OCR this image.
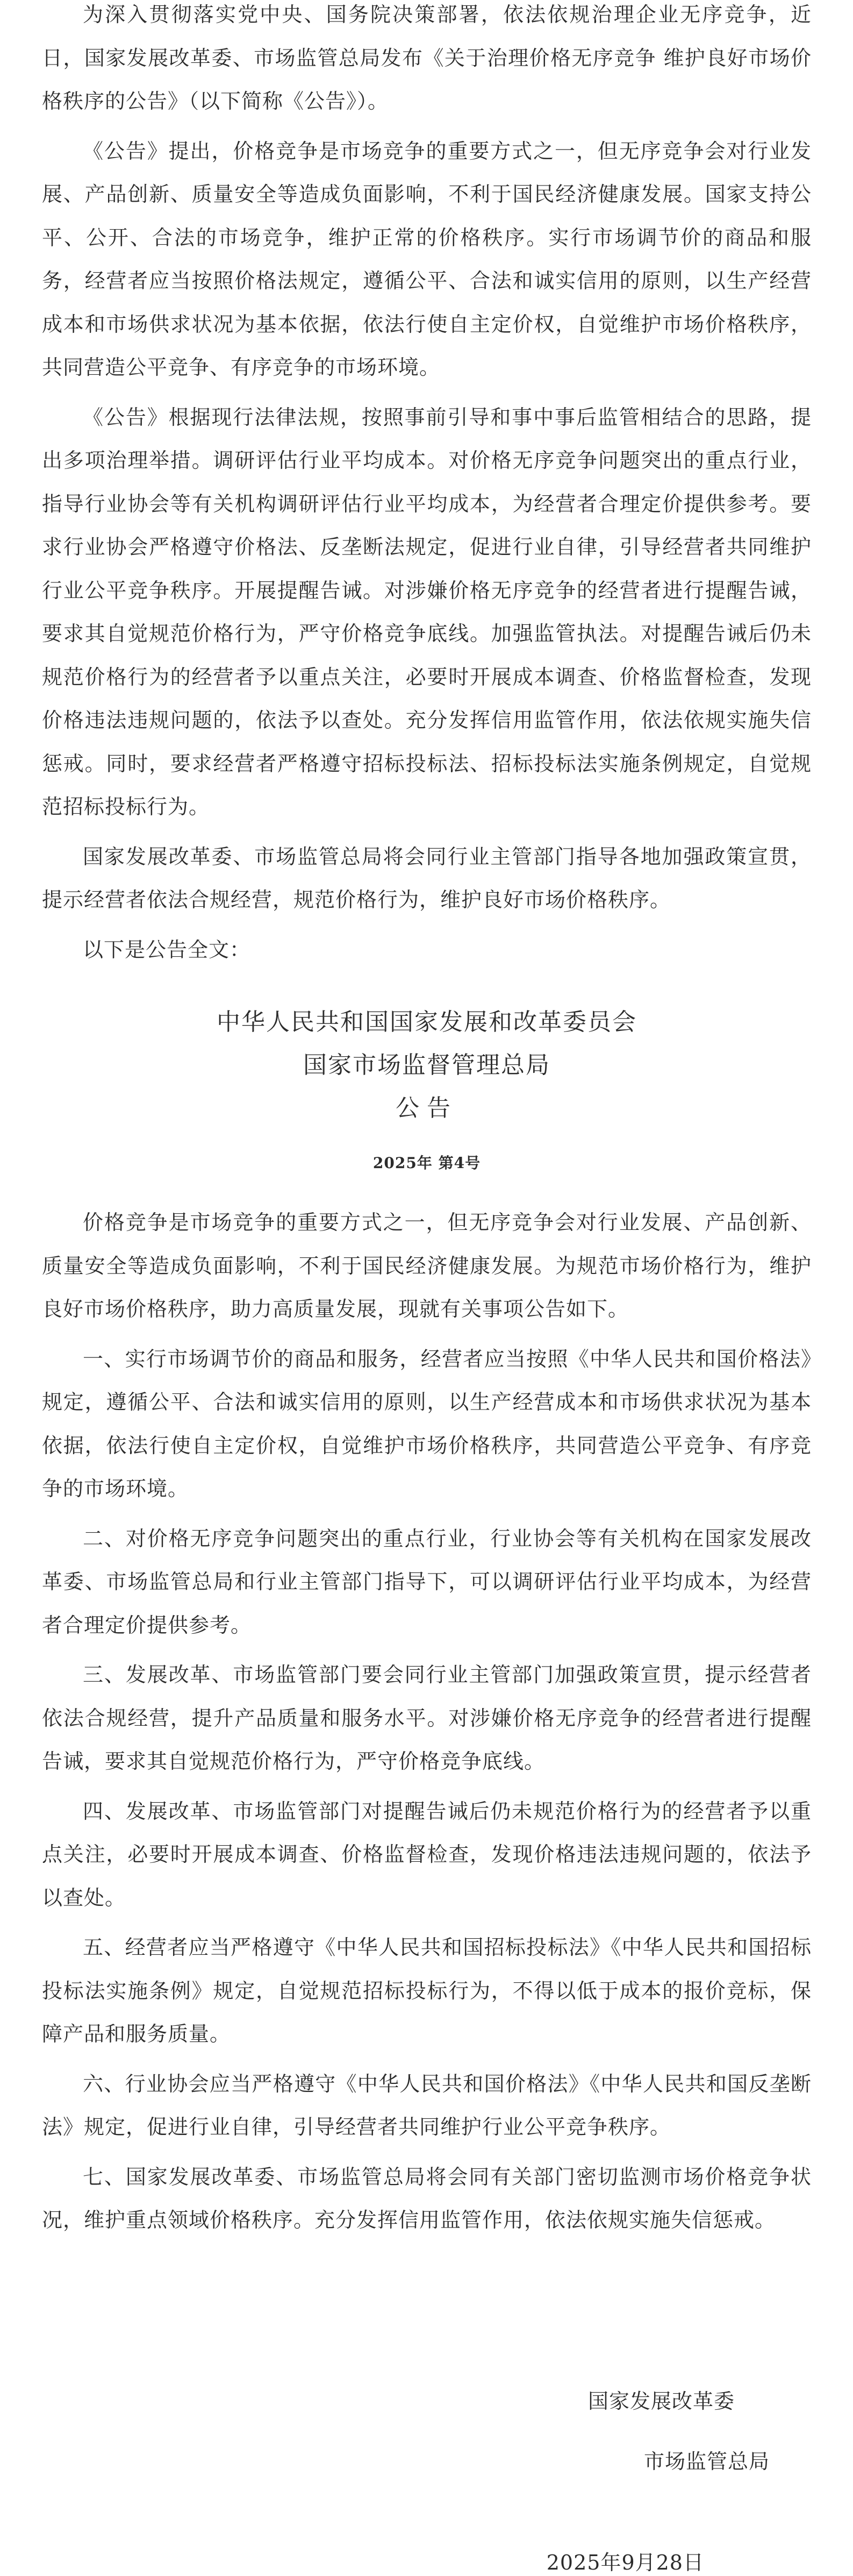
为深入贯彻落实党中央、国务院决策部署，依法依规治理企业无序竞争，近日，国家发展改革委、市场监管总局发布《关于治理价格无序竞争 维护良好市场价格秩序的公告》（以下简称《公告》）。

《公告》提出，价格竞争是市场竞争的重要方式之一，但无序竞争会对行业发展、产品创新、质量安全等造成负面影响，不利于国民经济健康发展。国家支持公平、公开、合法的市场竞争，维护正常的价格秩序。实行市场调节价的商品和服务，经营者应当按照价格法规定，遵循公平、合法和诚实信用的原则，以生产经营成本和市场供求状况为基本依据，依法行使自主定价权，自觉维护市场价格秩序，共同营造公平竞争、有序竞争的市场环境。

《公告》根据现行法律法规，按照事前引导和事中事后监管相结合的思路，提出多项治理举措。调研评估行业平均成本。对价格无序竞争问题突出的重点行业，指导行业协会等有关机构调研评估行业平均成本，为经营者合理定价提供参考。要求行业协会严格遵守价格法、反垄断法规定，促进行业自律，引导经营者共同维护行业公平竞争秩序。开展提醒告诫。对涉嫌价格无序竞争的经营者进行提醒告诫，要求其自觉规范价格行为，严守价格竞争底线。加强监管执法。对提醒告诫后仍未规范价格行为的经营者予以重点关注，必要时开展成本调查、价格监督检查，发现价格违法违规问题的，依法予以查处。充分发挥信用监管作用，依法依规实施失信惩戒。同时，要求经营者严格遵守招标投标法、招标投标法实施条例规定，自觉规范招标投标行为。

国家发展改革委、市场监管总局将会同行业主管部门指导各地加强政策宣贯，提示经营者依法合规经营，规范价格行为，维护良好市场价格秩序。

以下是公告全文：

中华人民共和国国家发展和改革委员会

国家市场监督管理总局

公告

2025年 第4号

价格竞争是市场竞争的重要方式之一，但无序竞争会对行业发展、产品创新、质量安全等造成负面影响，不利于国民经济健康发展。为规范市场价格行为，维护良好市场价格秩序，助力高质量发展，现就有关事项公告如下。

一、实行市场调节价的商品和服务，经营者应当按照《中华人民共和国价格法》规定，遵循公平、合法和诚实信用的原则，以生产经营成本和市场供求状况为基本依据，依法行使自主定价权，自觉维护市场价格秩序，共同营造公平竞争、有序竞争的市场环境。

二、对价格无序竞争问题突出的重点行业，行业协会等有关机构在国家发展改革委、市场监管总局和行业主管部门指导下，可以调研评估行业平均成本，为经营者合理定价提供参考。

三、发展改革、市场监管部门要会同行业主管部门加强政策宣贯，提示经营者依法合规经营，提升产品质量和服务水平。对涉嫌价格无序竞争的经营者进行提醒告诫，要求其自觉规范价格行为，严守价格竞争底线。

四、发展改革、市场监管部门对提醒告诫后仍未规范价格行为的经营者予以重点关注，必要时开展成本调查、价格监督检查，发现价格违法违规问题的，依法予以查处。

五、经营者应当严格遵守《中华人民共和国招标投标法》《中华人民共和国招标投标法实施条例》规定，自觉规范招标投标行为，不得以低于成本的报价竞标，保障产品和服务质量。

六、行业协会应当严格遵守《中华人民共和国价格法》《中华人民共和国反垄断法》规定，促进行业自律，引导经营者共同维护行业公平竞争秩序。

七、国家发展改革委、市场监管总局将会同有关部门密切监测市场价格竞争状况，维护重点领域价格秩序。充分发挥信用监管作用，依法依规实施失信惩戒。

国家发展改革委
市场监管总局
2025年9月28日
